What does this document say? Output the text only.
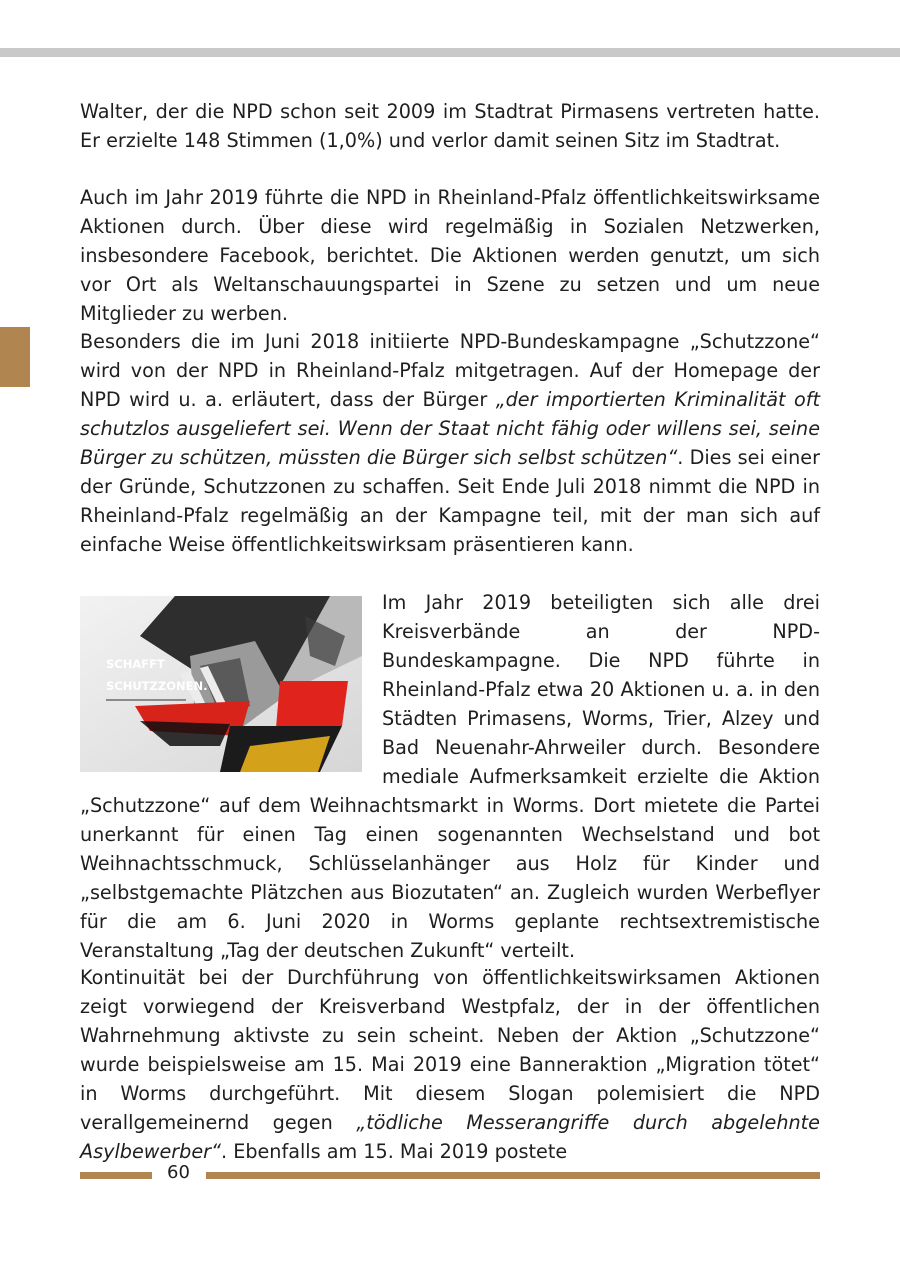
Walter, der die NPD schon seit 2009 im Stadtrat Pirmasens vertreten hatte. Er erzielte 148 Stimmen (1,0%) und verlor damit seinen Sitz im Stadtrat.

Auch im Jahr 2019 führte die NPD in Rheinland-Pfalz öffentlichkeitswirksame Aktionen durch. Über diese wird regelmäßig in Sozialen Netzwerken, insbesondere Facebook, berichtet. Die Aktionen werden genutzt, um sich vor Ort als Weltanschauungspartei in Szene zu setzen und um neue Mitglieder zu werben.

Besonders die im Juni 2018 initiierte NPD-Bundeskampagne „Schutzzone“ wird von der NPD in Rheinland-Pfalz mitgetragen. Auf der Homepage der NPD wird u. a. erläutert, dass der Bürger „der importierten Kriminalität oft schutzlos ausgeliefert sei. Wenn der Staat nicht fähig oder willens sei, seine Bürger zu schützen, müssten die Bürger sich selbst schützen“. Dies sei einer der Gründe, Schutzzonen zu schaffen. Seit Ende Juli 2018 nimmt die NPD in Rheinland-Pfalz regelmäßig an der Kampagne teil, mit der man sich auf einfache Weise öffentlichkeitswirksam präsentieren kann.

SCHAFFT
SCHUTZZONEN.

Im Jahr 2019 beteiligten sich alle drei Kreisverbände an der NPD-Bundeskampagne. Die NPD führte in Rheinland-Pfalz etwa 20 Aktionen u. a. in den Städten Primasens, Worms, Trier, Alzey und Bad Neuenahr-Ahrweiler durch. Besondere mediale Aufmerksamkeit erzielte die Aktion „Schutzzone“ auf dem Weihnachtsmarkt in Worms. Dort mietete die Partei unerkannt für einen Tag einen sogenannten Wechselstand und bot Weihnachtsschmuck, Schlüsselanhänger aus Holz für Kinder und „selbstgemachte Plätzchen aus Biozutaten“ an. Zugleich wurden Werbeflyer für die am 6. Juni 2020 in Worms geplante rechtsextremistische Veranstaltung „Tag der deutschen Zukunft“ verteilt.

Kontinuität bei der Durchführung von öffentlichkeitswirksamen Aktionen zeigt vorwiegend der Kreisverband Westpfalz, der in der öffentlichen Wahrnehmung aktivste zu sein scheint. Neben der Aktion „Schutzzone“ wurde beispielsweise am 15. Mai 2019 eine Banneraktion „Migration tötet“ in Worms durchgeführt. Mit diesem Slogan polemisiert die NPD verallgemeinernd gegen „tödliche Messerangriffe durch abgelehnte Asylbewerber“. Ebenfalls am 15. Mai 2019 postete

60
